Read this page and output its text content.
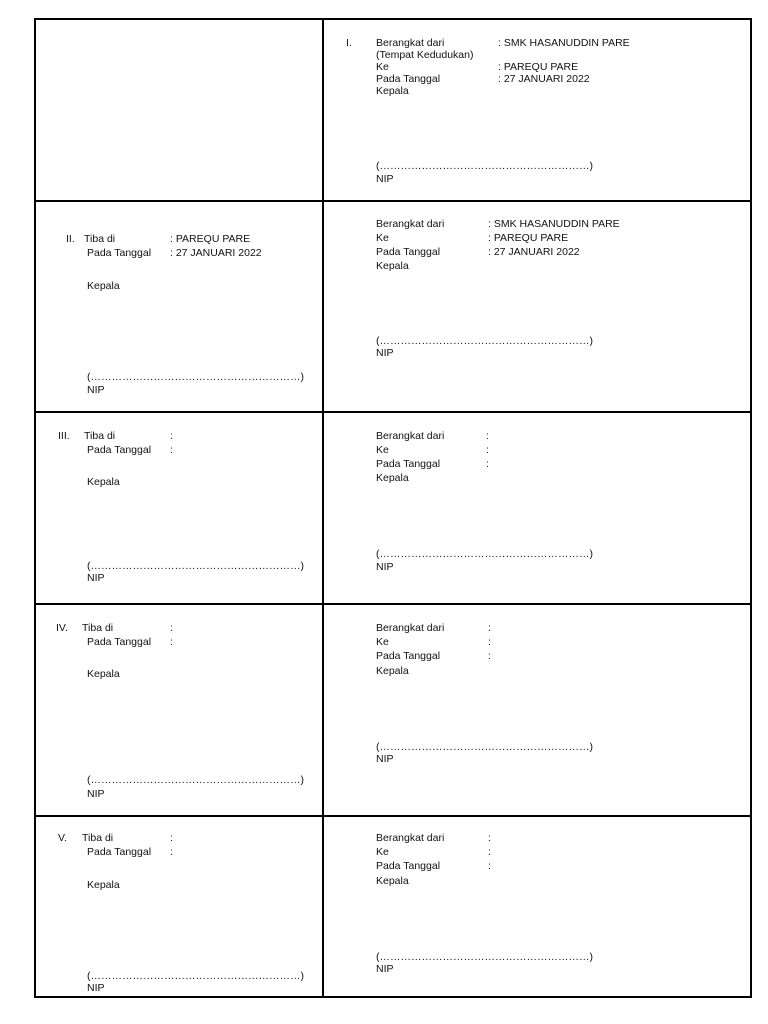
I. Berangkat dari	: SMK HASANUDDIN PARE
(Tempat Kedudukan)
Ke	: PAREQU PARE
Pada Tanggal	: 27 JANUARI 2022
Kepala
(……………………………………………………)
NIP
II. Tiba di	: PAREQU PARE
Pada Tanggal : 27 JANUARI 2022
Kepala
(……………………………………………………)
NIP
Berangkat dari	: SMK HASANUDDIN PARE
Ke	: PAREQU PARE
Pada Tanggal	: 27 JANUARI 2022
Kepala
(……………………………………………………)
NIP
III. Tiba di	:
Pada Tanggal :
Kepala
(……………………………………………………)
NIP
Berangkat dari	:
Ke	:
Pada Tanggal	:
Kepala
(……………………………………………………)
NIP
IV. Tiba di	:
Pada Tanggal :
Kepala
(……………………………………………………)
NIP
Berangkat dari	:
Ke	:
Pada Tanggal	:
Kepala
(……………………………………………………)
NIP
V. Tiba di	:
Pada Tanggal :
Kepala
(……………………………………………………)
NIP
Berangkat dari	:
Ke	:
Pada Tanggal	:
Kepala
(……………………………………………………)
NIP
